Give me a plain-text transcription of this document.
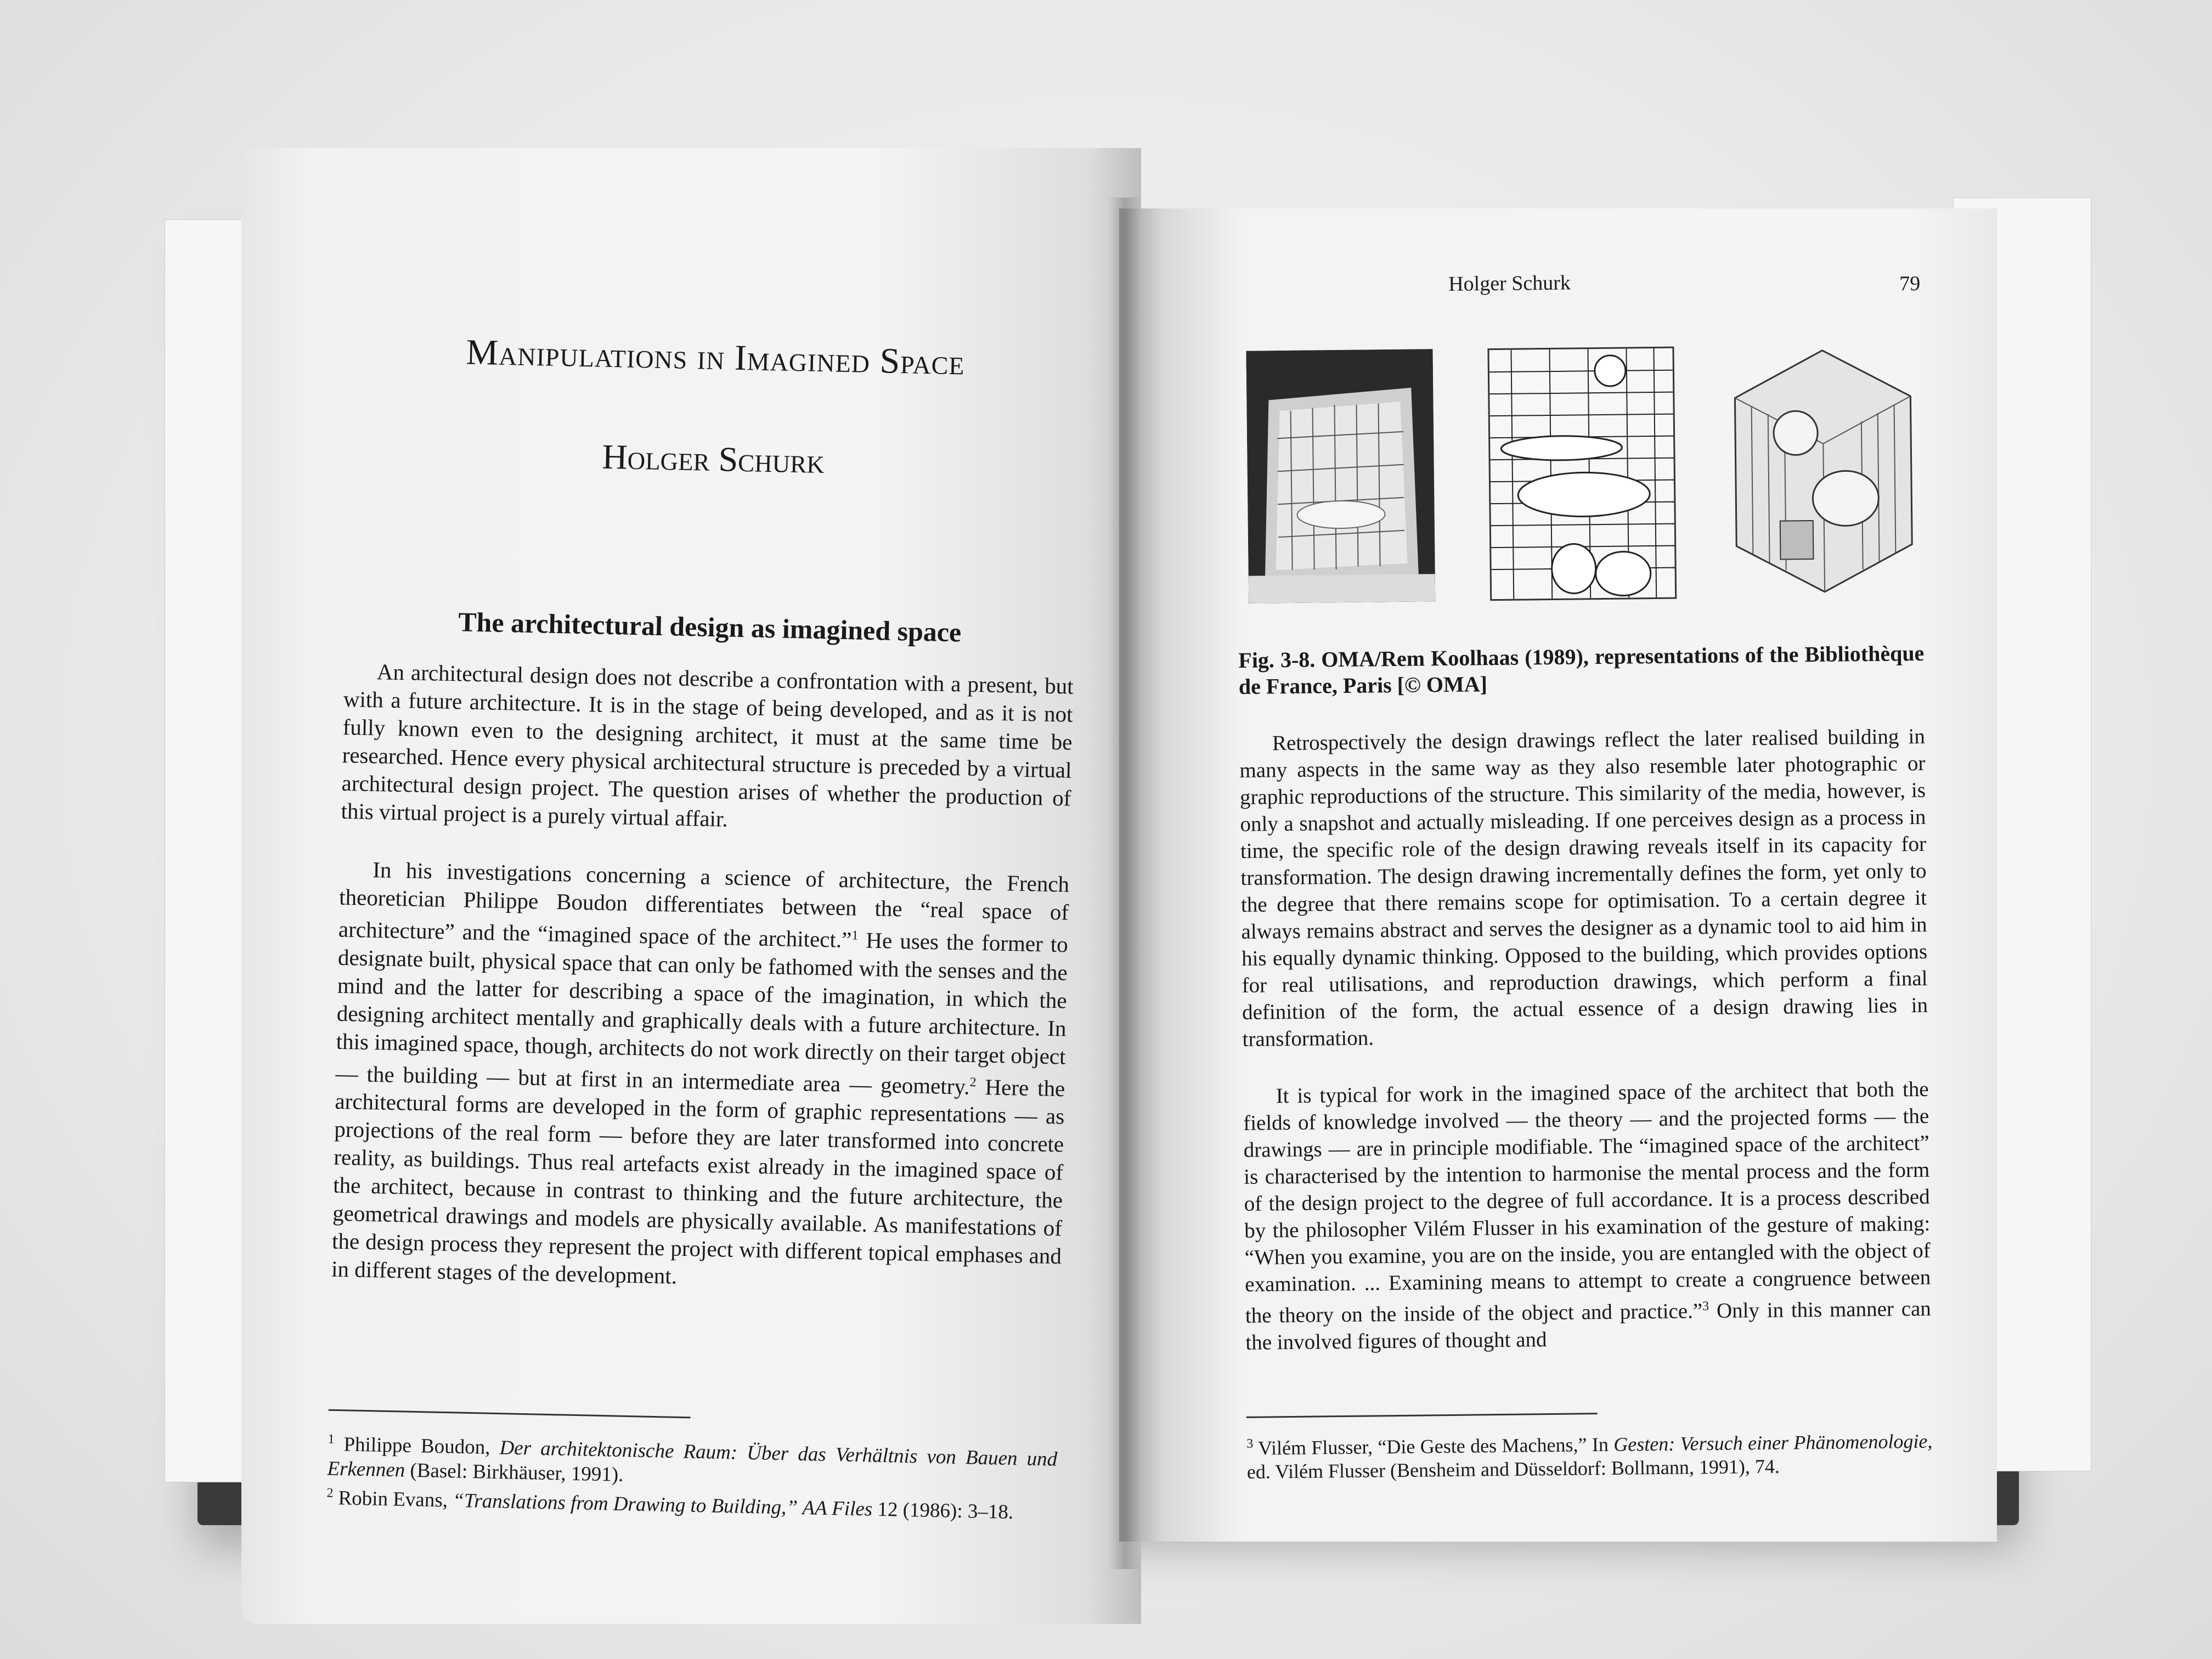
Manipulations in Imagined Space
Holger Schurk
The architectural design as imagined space

An architectural design does not describe a confrontation with a present, but with a future architecture. It is in the stage of being developed, and as it is not fully known even to the designing architect, it must at the same time be researched. Hence every physical architectural structure is preceded by a virtual architectural design project. The question arises of whether the production of this virtual project is a purely virtual affair.

In his investigations concerning a science of architecture, the French theoretician Philippe Boudon differentiates between the “real space of architecture” and the “imagined space of the architect.”$^1$ He uses the former to designate built, physical space that can only be fathomed with the senses and the mind and the latter for describing a space of the imagination, in which the designing architect mentally and graphically deals with a future architecture. In this imagined space, though, architects do not work directly on their target object — the building — but at first in an intermediate area — geometry.$^2$ Here the architectural forms are developed in the form of graphic representations — as projections of the real form — before they are later transformed into concrete reality, as buildings. Thus real artefacts exist already in the imagined space of the architect, because in contrast to thinking and the future architecture, the geometrical drawings and models are physically available. As manifestations of the design process they represent the project with different topical emphases and in different stages of the development.

$^1$ Philippe Boudon, Der architektonische Raum: Über das Verhältnis von Bauen und Erkennen (Basel: Birkhäuser, 1991).

$^2$ Robin Evans, “Translations from Drawing to Building,” AA Files 12 (1986): 3–18.

Holger Schurk	79

Fig. 3-8. OMA/Rem Koolhaas (1989), representations of the Bibliothèque de France, Paris [© OMA]

Retrospectively the design drawings reflect the later realised building in many aspects in the same way as they also resemble later photographic or graphic reproductions of the structure. This similarity of the media, however, is only a snapshot and actually misleading. If one perceives design as a process in time, the specific role of the design drawing reveals itself in its capacity for transformation. The design drawing incrementally defines the form, yet only to the degree that there remains scope for optimisation. To a certain degree it always remains abstract and serves the designer as a dynamic tool to aid him in his equally dynamic thinking. Opposed to the building, which provides options for real utilisations, and reproduction drawings, which perform a final definition of the form, the actual essence of a design drawing lies in transformation.

It is typical for work in the imagined space of the architect that both the fields of knowledge involved — the theory — and the projected forms — the drawings — are in principle modifiable. The “imagined space of the architect” is characterised by the intention to harmonise the mental process and the form of the design project to the degree of full accordance. It is a process described by the philosopher Vilém Flusser in his examination of the gesture of making: “When you examine, you are on the inside, you are entangled with the object of examination. ... Examining means to attempt to create a congruence between the theory on the inside of the object and practice.”$^3$ Only in this manner can the involved figures of thought and

$^3$ Vilém Flusser, “Die Geste des Machens,” In Gesten: Versuch einer Phänomenologie, ed. Vilém Flusser (Bensheim and Düsseldorf: Bollmann, 1991), 74.
